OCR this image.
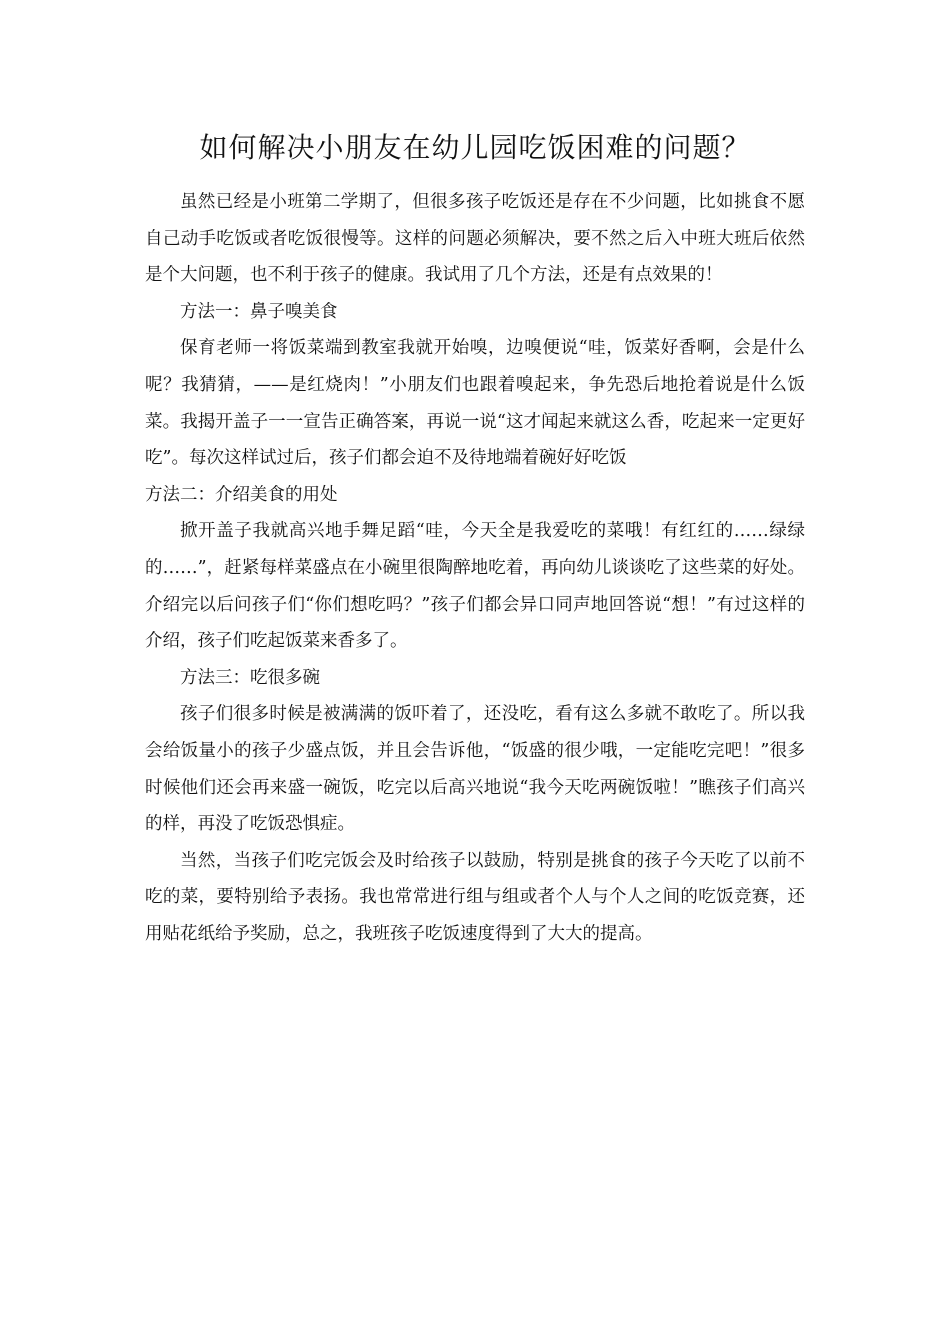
如何解决小朋友在幼儿园吃饭困难的问题？

虽然已经是小班第二学期了，但很多孩子吃饭还是存在不少问题，比如挑食不愿自己动手吃饭或者吃饭很慢等。这样的问题必须解决，要不然之后入中班大班后依然是个大问题，也不利于孩子的健康。我试用了几个方法，还是有点效果的！

方法一：鼻子嗅美食

保育老师一将饭菜端到教室我就开始嗅，边嗅便说“哇，饭菜好香啊，会是什么呢？我猜猜，——是红烧肉！”小朋友们也跟着嗅起来，争先恐后地抢着说是什么饭菜。我揭开盖子一一宣告正确答案，再说一说“这才闻起来就这么香，吃起来一定更好吃”。每次这样试过后，孩子们都会迫不及待地端着碗好好吃饭

方法二：介绍美食的用处

掀开盖子我就高兴地手舞足蹈“哇，今天全是我爱吃的菜哦！有红红的……绿绿的……”，赶紧每样菜盛点在小碗里很陶醉地吃着，再向幼儿谈谈吃了这些菜的好处。介绍完以后问孩子们“你们想吃吗？”孩子们都会异口同声地回答说“想！”有过这样的介绍，孩子们吃起饭菜来香多了。

方法三：吃很多碗

孩子们很多时候是被满满的饭吓着了，还没吃，看有这么多就不敢吃了。所以我会给饭量小的孩子少盛点饭，并且会告诉他，“饭盛的很少哦，一定能吃完吧！”很多时候他们还会再来盛一碗饭，吃完以后高兴地说“我今天吃两碗饭啦！”瞧孩子们高兴的样，再没了吃饭恐惧症。

当然，当孩子们吃完饭会及时给孩子以鼓励，特别是挑食的孩子今天吃了以前不吃的菜，要特别给予表扬。我也常常进行组与组或者个人与个人之间的吃饭竞赛，还用贴花纸给予奖励，总之，我班孩子吃饭速度得到了大大的提高。
